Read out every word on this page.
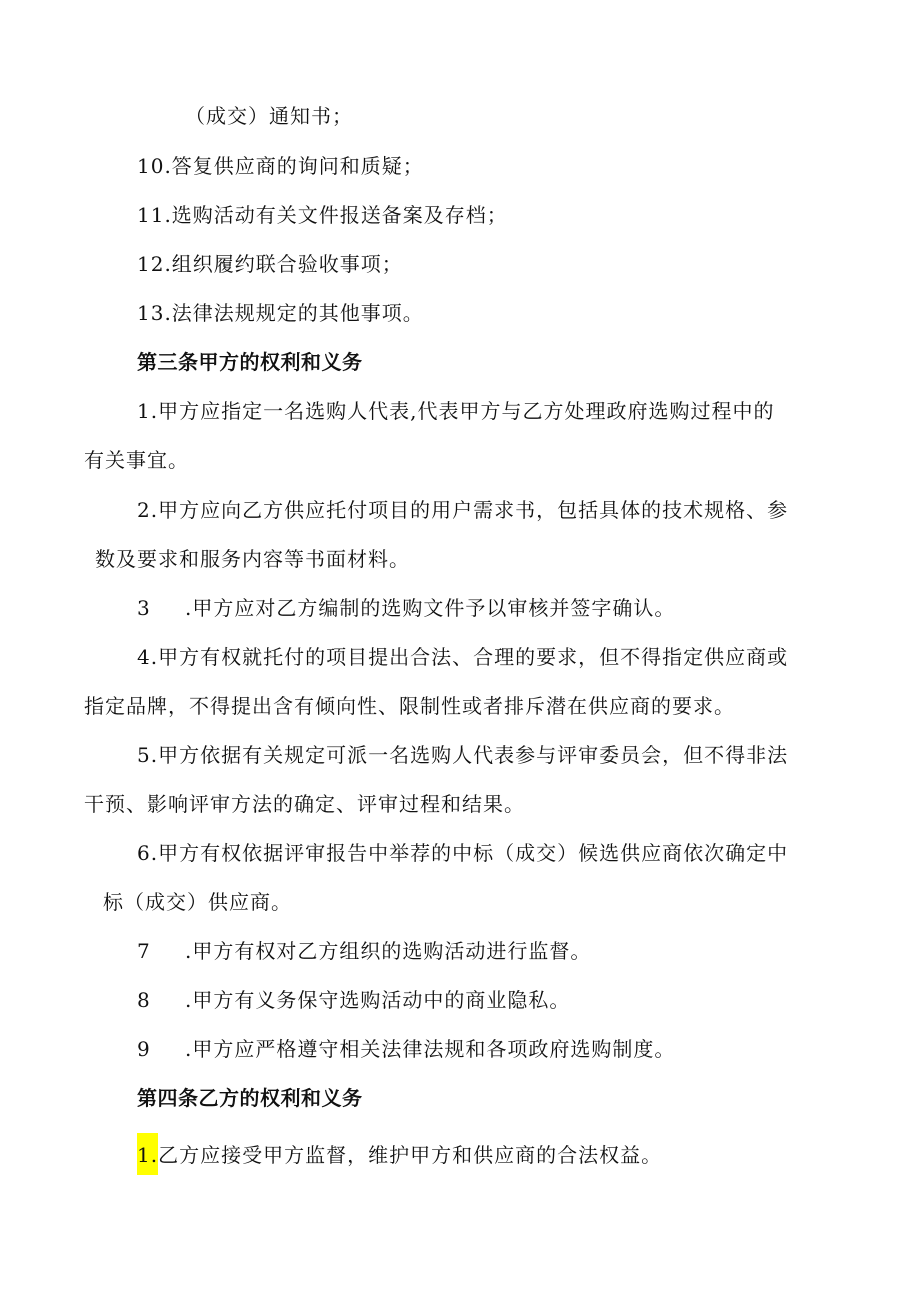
（成交）通知书；
10.答复供应商的询问和质疑；
11.选购活动有关文件报送备案及存档；
12.组织履约联合验收事项；
13.法律法规规定的其他事项。
第三条甲方的权利和义务
1.甲方应指定一名选购人代表,代表甲方与乙方处理政府选购过程中的
有关事宜。
2.甲方应向乙方供应托付项目的用户需求书，包括具体的技术规格、参
数及要求和服务内容等书面材料。
3 .甲方应对乙方编制的选购文件予以审核并签字确认。
4.甲方有权就托付的项目提出合法、合理的要求，但不得指定供应商或
指定品牌，不得提出含有倾向性、限制性或者排斥潜在供应商的要求。
5.甲方依据有关规定可派一名选购人代表参与评审委员会，但不得非法
干预、影响评审方法的确定、评审过程和结果。
6.甲方有权依据评审报告中举荐的中标（成交）候选供应商依次确定中
标（成交）供应商。
7 .甲方有权对乙方组织的选购活动进行监督。
8 .甲方有义务保守选购活动中的商业隐私。
9 .甲方应严格遵守相关法律法规和各项政府选购制度。
第四条乙方的权利和义务
1.乙方应接受甲方监督，维护甲方和供应商的合法权益。
